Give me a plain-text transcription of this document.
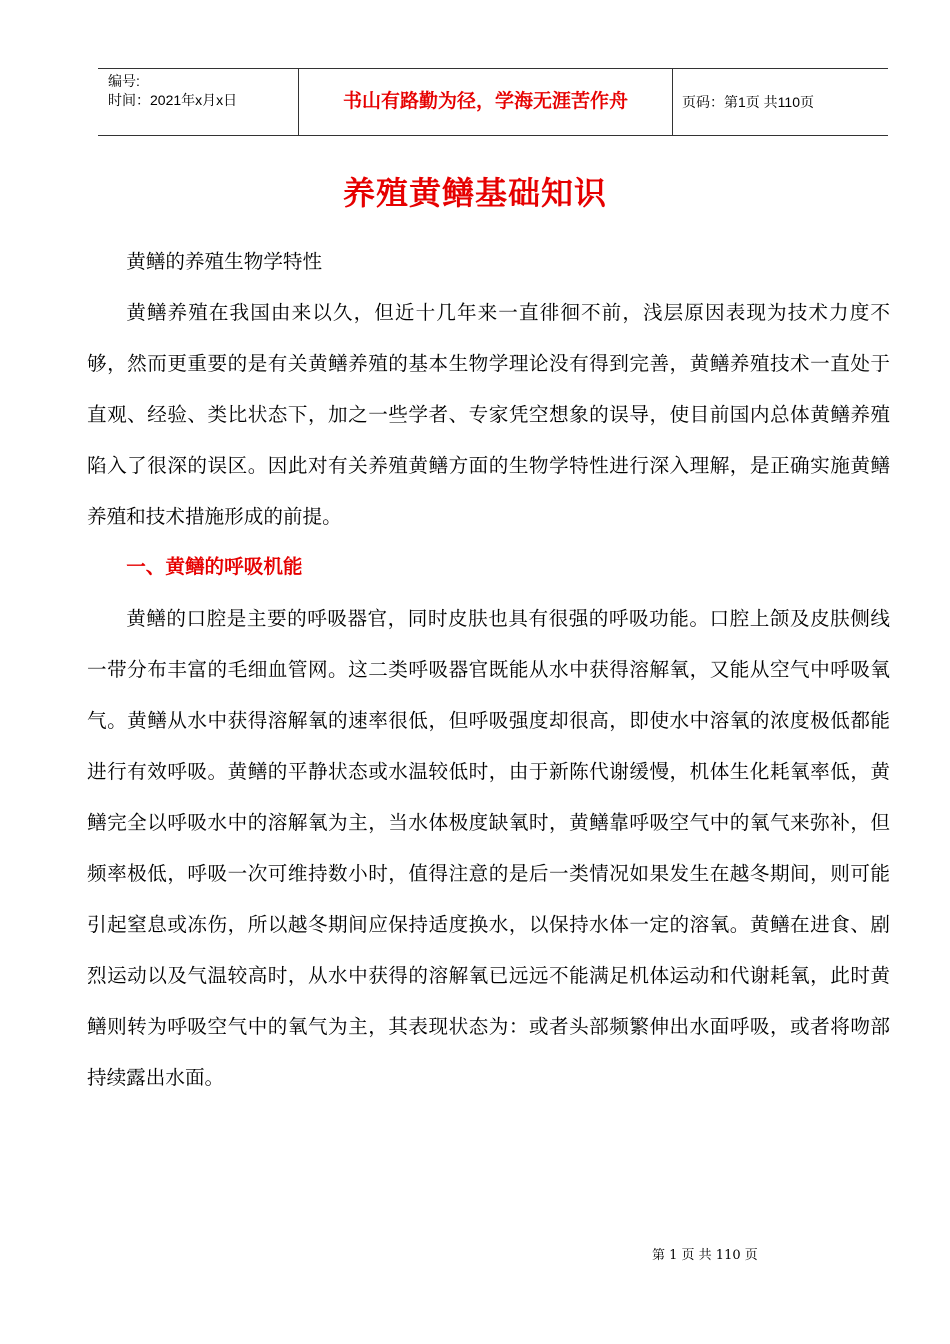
编号:
时间：2021年x月x日	书山有路勤为径，学海无涯苦作舟	页码：第1页 共110页
养殖黄鳝基础知识

黄鳝的养殖生物学特性

黄鳝养殖在我国由来以久，但近十几年来一直徘徊不前，浅层原因表现为技术力度不够，然而更重要的是有关黄鳝养殖的基本生物学理论没有得到完善，黄鳝养殖技术一直处于直观、经验、类比状态下，加之一些学者、专家凭空想象的误导，使目前国内总体黄鳝养殖陷入了很深的误区。因此对有关养殖黄鳝方面的生物学特性进行深入理解，是正确实施黄鳝养殖和技术措施形成的前提。

一、黄鳝的呼吸机能

黄鳝的口腔是主要的呼吸器官，同时皮肤也具有很强的呼吸功能。口腔上颌及皮肤侧线一带分布丰富的毛细血管网。这二类呼吸器官既能从水中获得溶解氧，又能从空气中呼吸氧气。黄鳝从水中获得溶解氧的速率很低，但呼吸强度却很高，即使水中溶氧的浓度极低都能进行有效呼吸。黄鳝的平静状态或水温较低时，由于新陈代谢缓慢，机体生化耗氧率低，黄鳝完全以呼吸水中的溶解氧为主，当水体极度缺氧时，黄鳝靠呼吸空气中的氧气来弥补，但频率极低，呼吸一次可维持数小时，值得注意的是后一类情况如果发生在越冬期间，则可能引起窒息或冻伤，所以越冬期间应保持适度换水，以保持水体一定的溶氧。黄鳝在进食、剧烈运动以及气温较高时，从水中获得的溶解氧已远远不能满足机体运动和代谢耗氧，此时黄鳝则转为呼吸空气中的氧气为主，其表现状态为：或者头部频繁伸出水面呼吸，或者将吻部持续露出水面。

第 1 页 共 110 页
